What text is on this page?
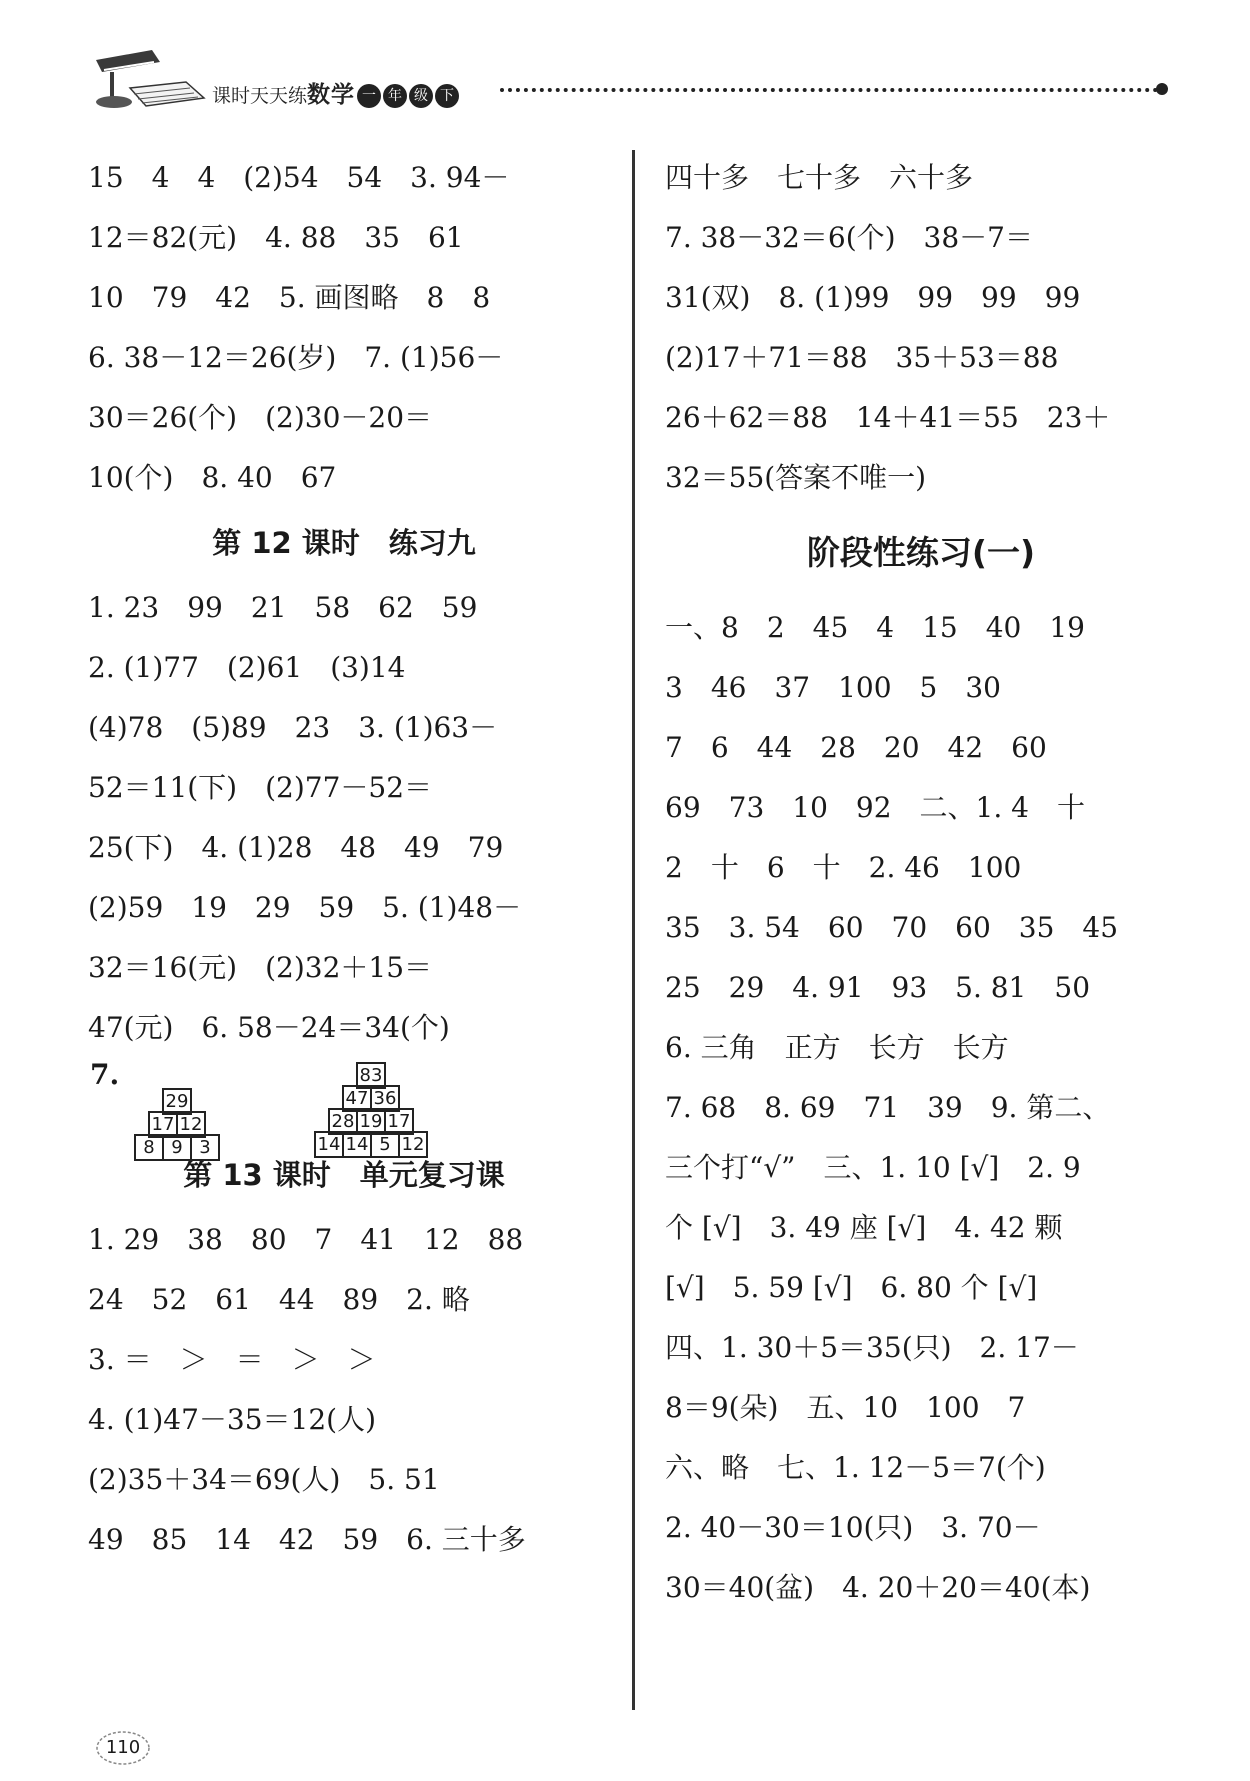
课时天天练数学 一 年 级 下
15　4　4　(2)54　54　3. 94－
12＝82(元)　4. 88　35　61
10　79　42　5. 画图略　8　8
6. 38－12＝26(岁)　7. (1)56－
30＝26(个)　(2)30－20＝
10(个)　8. 40　67
第 12 课时　练习九
1. 23　99　21　58　62　59
2. (1)77　(2)61　(3)14
(4)78　(5)89　23　3. (1)63－
52＝11(下)　(2)77－52＝
25(下)　4. (1)28　48　49　79
(2)59　19　29　59　5. (1)48－
32＝16(元)　(2)32＋15＝
47(元)　6. 58－24＝34(个)
7.
29
17 12
8 9 3
83
47 36
28 19 17
14 14 5 12
第 13 课时　单元复习课
1. 29　38　80　7　41　12　88
24　52　61　44　89　2. 略
3. ＝　＞　＝　＞　＞
4. (1)47－35＝12(人)
(2)35＋34＝69(人)　5. 51
49　85　14　42　59　6. 三十多
四十多　七十多　六十多
7. 38－32＝6(个)　38－7＝
31(双)　8. (1)99　99　99　99
(2)17＋71＝88　35＋53＝88
26＋62＝88　14＋41＝55　23＋
32＝55(答案不唯一)
阶段性练习(一)
一、8　2　45　4　15　40　19
3　46　37　100　5　30
7　6　44　28　20　42　60
69　73　10　92　二、1. 4　十
2　十　6　十　2. 46　100
35　3. 54　60　70　60　35　45
25　29　4. 91　93　5. 81　50
6. 三角　正方　长方　长方
7. 68　8. 69　71　39　9. 第二、
三个打“√”　三、1. 10 [√]　2. 9
个 [√]　3. 49 座 [√]　4. 42 颗
[√]　5. 59 [√]　6. 80 个 [√]
四、1. 30＋5＝35(只)　2. 17－
8＝9(朵)　五、10　100　7
六、略　七、1. 12－5＝7(个)
2. 40－30＝10(只)　3. 70－
30＝40(盆)　4. 20＋20＝40(本)
110
